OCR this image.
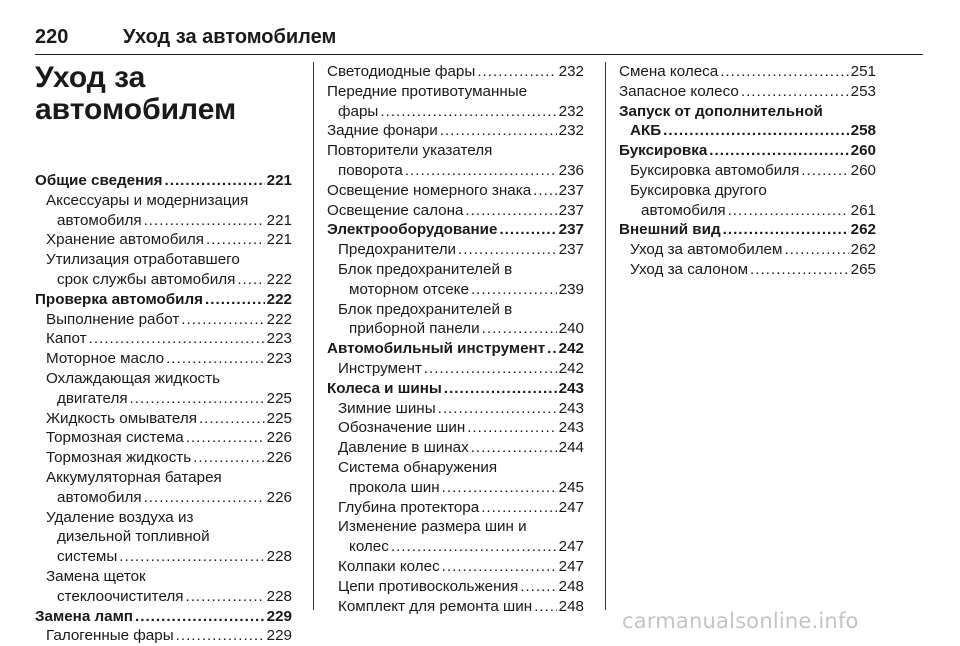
220	Уход за автомобилем
Уход за
автомобилем
Общие сведения .....	221
Аксессуары и модернизация
автомобиля .....	221
Хранение автомобиля .....	221
Утилизация отработавшего
срок службы автомобиля ..... 222
Проверка автомобиля .....	222
Выполнение работ .....	222
Капот .....	223
Моторное масло .....	223
Охлаждающая жидкость
двигателя .....	225
Жидкость омывателя .....	225
Тормозная система .....	226
Тормозная жидкость .....	226
Аккумуляторная батарея
автомобиля .....	226
Удаление воздуха из
дизельной топливной
системы .....	228
Замена щеток
стеклоочистителя .....	228
Замена ламп .....	229
Галогенные фары .....	229
Светодиодные фары .....	232
Передние противотуманные
фары .....	232
Задние фонари .....	232
Повторители указателя
поворота .....	236
Освещение номерного знака ..... 237
Освещение салона .....	237
Электрооборудование .....	237
Предохранители .....	237
Блок предохранителей в
моторном отсеке .....	239
Блок предохранителей в
приборной панели .....	240
Автомобильный инструмент ..... 242
Инструмент .....	242
Колеса и шины .....	243
Зимние шины .....	243
Обозначение шин .....	243
Давление в шинах .....	244
Система обнаружения
прокола шин .....	245
Глубина протектора .....	247
Изменение размера шин и
колес .....	247
Колпаки колес .....	247
Цепи противоскольжения .....	248
Комплект для ремонта шин ..... 248
Смена колеса .....	251
Запасное колесо .....	253
Запуск от дополнительной
АКБ .....	258
Буксировка .....	260
Буксировка автомобиля .....	260
Буксировка другого
автомобиля .....	261
Внешний вид .....	262
Уход за автомобилем .....	262
Уход за салоном .....	265
carmanualsonline.info
